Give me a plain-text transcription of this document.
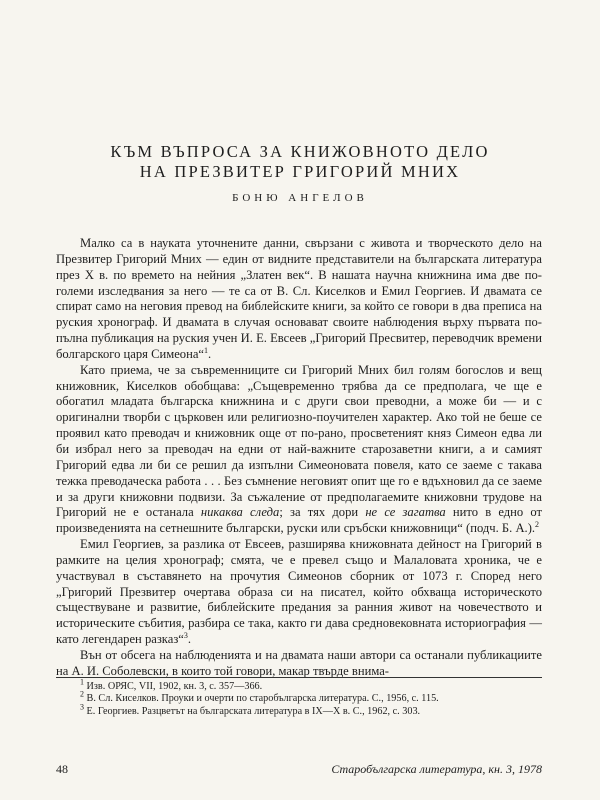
КЪМ ВЪПРОСА ЗА КНИЖОВНОТО ДЕЛО
НА ПРЕЗВИТЕР ГРИГОРИЙ МНИХ
БОНЮ АНГЕЛОВ

Малко са в науката уточнените данни, свързани с живота и творческото дело на Презвитер Григорий Мних — един от видните представители на българската литература през X в. по времето на нейния „Златен век“. В нашата научна книжнина има две по-големи изследвания за него — те са от В. Сл. Киселков и Емил Георгиев. И двамата се спират само на неговия превод на библейските книги, за който се говори в два преписа на руския хронограф. И двамата в случая основават своите наблюдения върху първата по-пълна публикация на руския учен И. Е. Евсеев „Григорий Пресвитер, переводчик времени болгарского царя Симеона“$^1$.

Като приема, че за съвременниците си Григорий Мних бил голям богослов и вещ книжовник, Киселков обобщава: „Същевременно трябва да се предполага, че ще е обогатил младата българска книжнина и с други свои преводни, а може би — и с оригинални творби с църковен или религиозно-поучителен характер. Ако той не беше се проявил като преводач и книжовник още от по-рано, просветеният княз Симеон едва ли би избрал него за преводач на едни от най-важните старозаветни книги, а и самият Григорий едва ли би се решил да изпълни Симеоновата повеля, като се заеме с такава тежка преводаческа работа . . . Без съмнение неговият опит ще го е вдъхновил да се заеме и за други книжовни подвизи. За съжаление от предполагаемите книжовни трудове на Григорий не е останала никаква следа; за тях дори не се загатва нито в едно от произведенията на сетнешните български, руски или сръбски книжовници“ (подч. Б. А.).$^2$

Емил Георгиев, за разлика от Евсеев, разширява книжовната дейност на Григорий в рамките на целия хронограф; смята, че е превел също и Малаловата хроника, че е участвувал в съставянето на прочутия Симеонов сборник от 1073 г. Според него „Григорий Презвитер очертава образа си на писател, който обхваща историческото съществуване и развитие, библейските предания за ранния живот на човечеството и историческите събития, разбира се така, както ги дава средновековната историография — като легендарен разказ“$^3$.

Вън от обсега на наблюденията и на двамата наши автори са останали публикациите на А. И. Соболевски, в които той говори, макар твърде внима-

$^1$ Изв. ОРЯС, VII, 1902, кн. 3, с. 357—366.
$^2$ В. Сл. Киселков. Проуки и очерти по старобългарска литература. С., 1956, с. 115.
$^3$ Е. Георгиев. Разцветът на българската литература в IX—X в. С., 1962, с. 303.
48	Старобългарска литература, кн. 3, 1978
